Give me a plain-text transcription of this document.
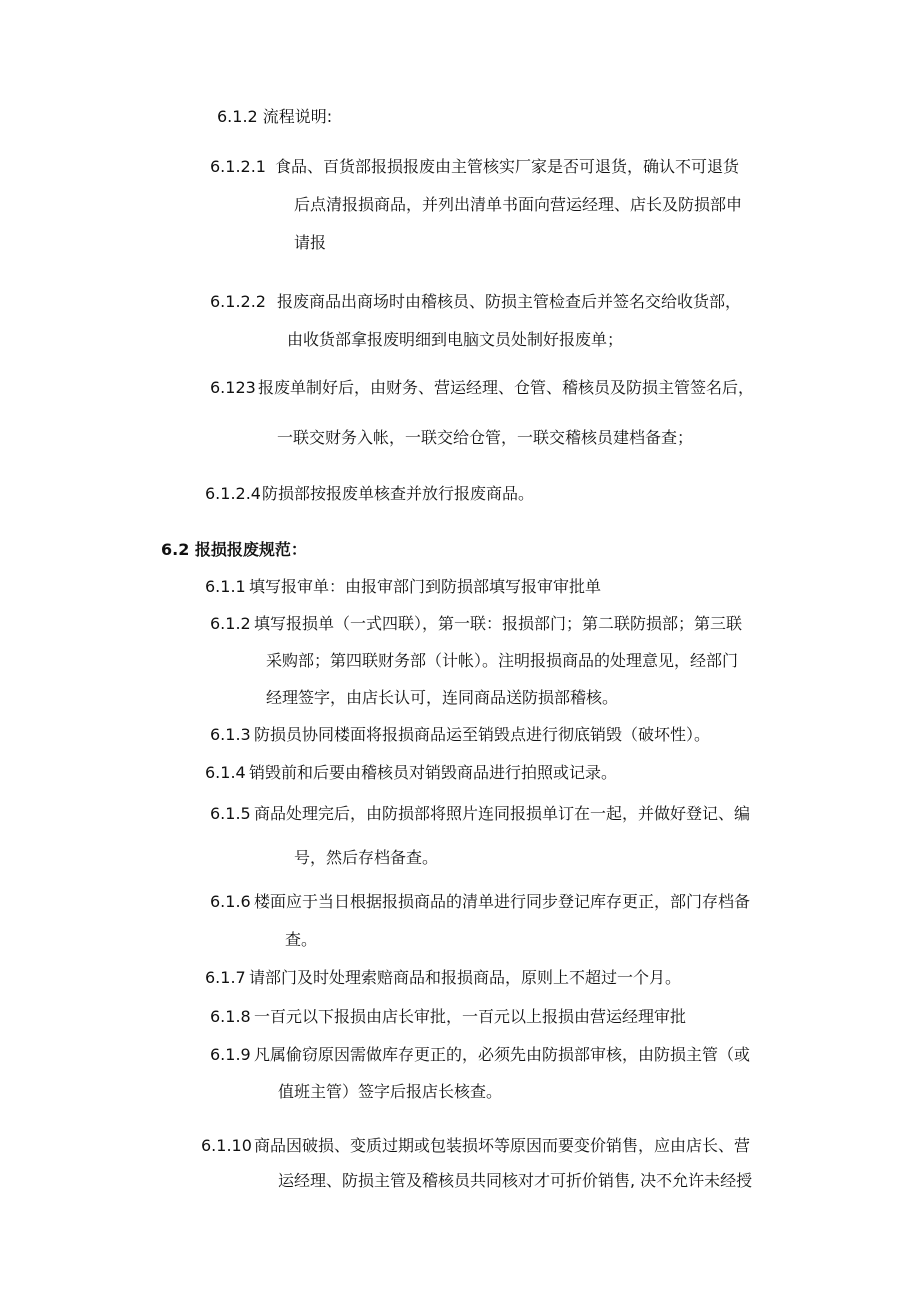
6.1.2 流程说明:
6.1.2.1 食品、百货部报损报废由主管核实厂家是否可退货，确认不可退货
后点清报损商品，并列出清单书面向营运经理、店长及防损部申
请报
6.1.2.2 报废商品出商场时由稽核员、防损主管检查后并签名交给收货部，
由收货部拿报废明细到电脑文员处制好报废单；
6.123 报废单制好后，由财务、营运经理、仓管、稽核员及防损主管签名后，
一联交财务入帐，一联交给仓管，一联交稽核员建档备查；
6.1.2.4 防损部按报废单核查并放行报废商品。
6.2 报损报废规范：
6.1.1 填写报审单：由报审部门到防损部填写报审审批单
6.1.2 填写报损单（一式四联），第一联：报损部门；第二联防损部；第三联
采购部；第四联财务部（计帐）。注明报损商品的处理意见，经部门
经理签字，由店长认可，连同商品送防损部稽核。
6.1.3 防损员协同楼面将报损商品运至销毁点进行彻底销毁（破坏性）。
6.1.4 销毁前和后要由稽核员对销毁商品进行拍照或记录。
6.1.5 商品处理完后，由防损部将照片连同报损单订在一起，并做好登记、编
号，然后存档备查。
6.1.6 楼面应于当日根据报损商品的清单进行同步登记库存更正，部门存档备
查。
6.1.7 请部门及时处理索赔商品和报损商品，原则上不超过一个月。
6.1.8 一百元以下报损由店长审批，一百元以上报损由营运经理审批
6.1.9 凡属偷窃原因需做库存更正的，必须先由防损部审核，由防损主管（或
值班主管）签字后报店长核查。
6.1.10 商品因破损、变质过期或包装损坏等原因而要变价销售，应由店长、营
运经理、防损主管及稽核员共同核对才可折价销售, 决不允许未经授
